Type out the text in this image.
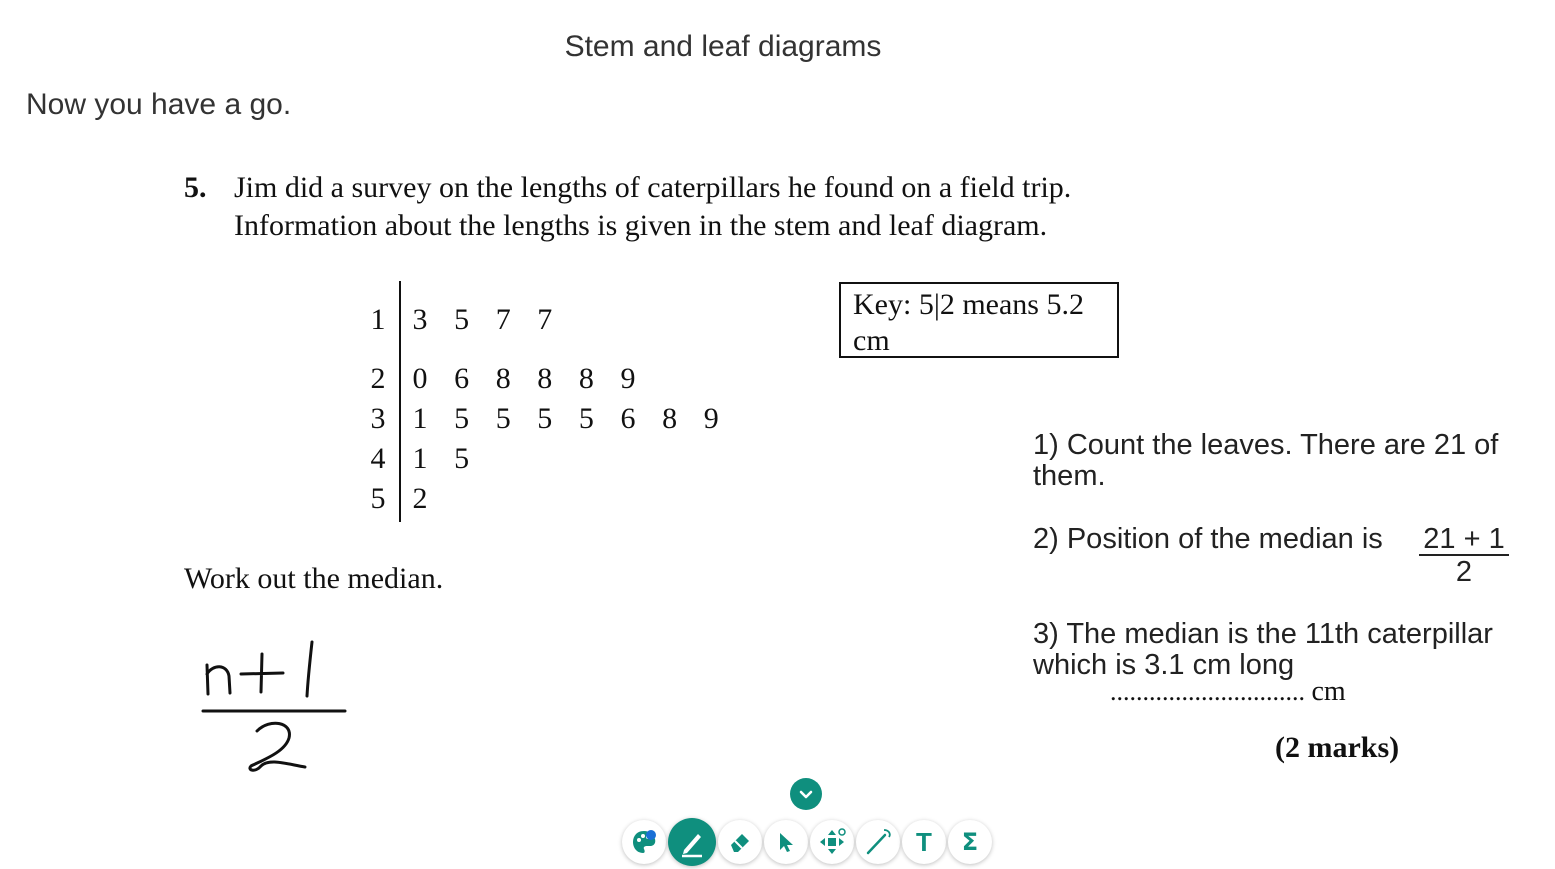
Stem and leaf diagrams
Now you have a go.
5. Jim did a survey on the lengths of caterpillars he found on a field trip.
Information about the lengths is given in the stem and leaf diagram.
1 3 5 7 7
2 0 6 8 8 8 9
3 1 5 5 5 5 6 8 9
4 1 5
5 2
Key: 5|2 means 5.2
cm
Work out the median.
.............................. cm
(2 marks)
1) Count the leaves. There are 21 of them.
2) Position of the median is $\frac{21 + 1}{2}$
3) The median is the 11th caterpillar which is 3.1 cm long
T Σ
